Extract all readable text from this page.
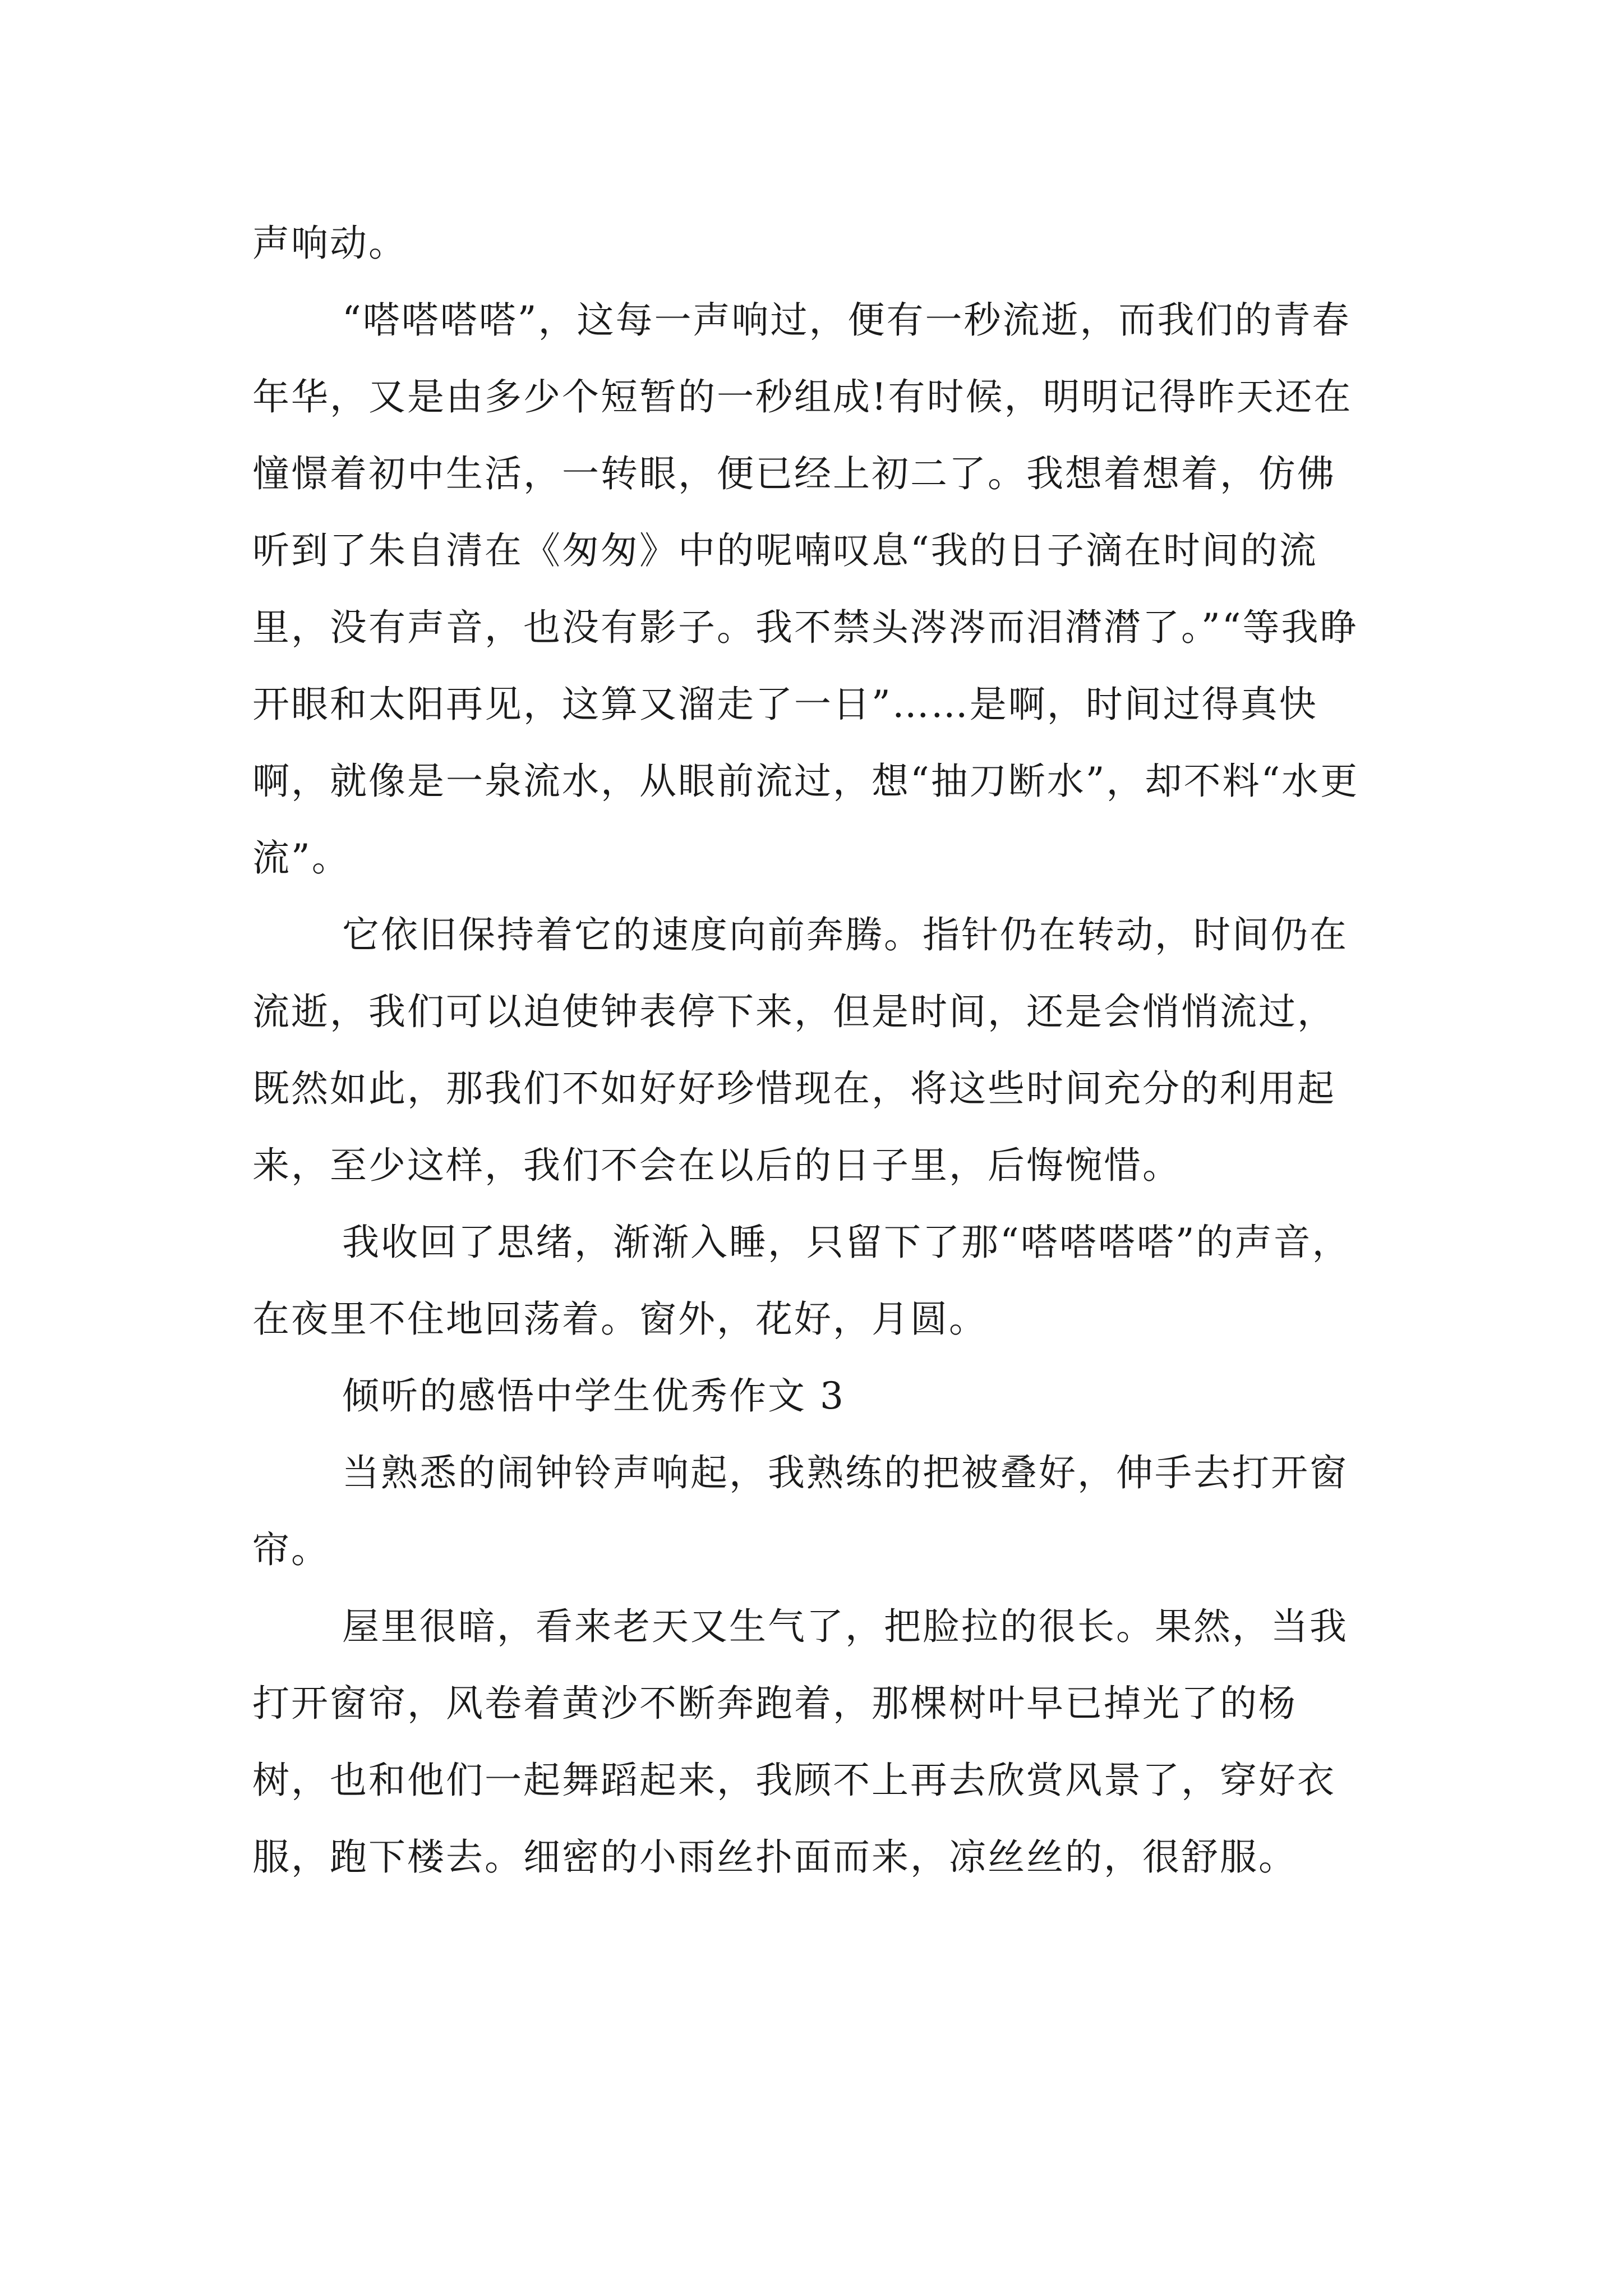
声响动。

“嗒嗒嗒嗒”，这每一声响过，便有一秒流逝，而我们的青春年华，又是由多少个短暂的一秒组成!有时候，明明记得昨天还在憧憬着初中生活，一转眼，便已经上初二了。我想着想着，仿佛听到了朱自清在《匆匆》中的呢喃叹息“我的日子滴在时间的流里，没有声音，也没有影子。我不禁头涔涔而泪潸潸了。”“等我睁开眼和太阳再见，这算又溜走了一日”……是啊，时间过得真快啊，就像是一泉流水，从眼前流过，想“抽刀断水”，却不料“水更流”。

它依旧保持着它的速度向前奔腾。指针仍在转动，时间仍在流逝，我们可以迫使钟表停下来，但是时间，还是会悄悄流过，既然如此，那我们不如好好珍惜现在，将这些时间充分的利用起来，至少这样，我们不会在以后的日子里，后悔惋惜。

我收回了思绪，渐渐入睡，只留下了那“嗒嗒嗒嗒”的声音，在夜里不住地回荡着。窗外，花好，月圆。

倾听的感悟中学生优秀作文 3

当熟悉的闹钟铃声响起，我熟练的把被叠好，伸手去打开窗帘。

屋里很暗，看来老天又生气了，把脸拉的很长。果然，当我打开窗帘，风卷着黄沙不断奔跑着，那棵树叶早已掉光了的杨树，也和他们一起舞蹈起来，我顾不上再去欣赏风景了，穿好衣服，跑下楼去。细密的小雨丝扑面而来，凉丝丝的，很舒服。
